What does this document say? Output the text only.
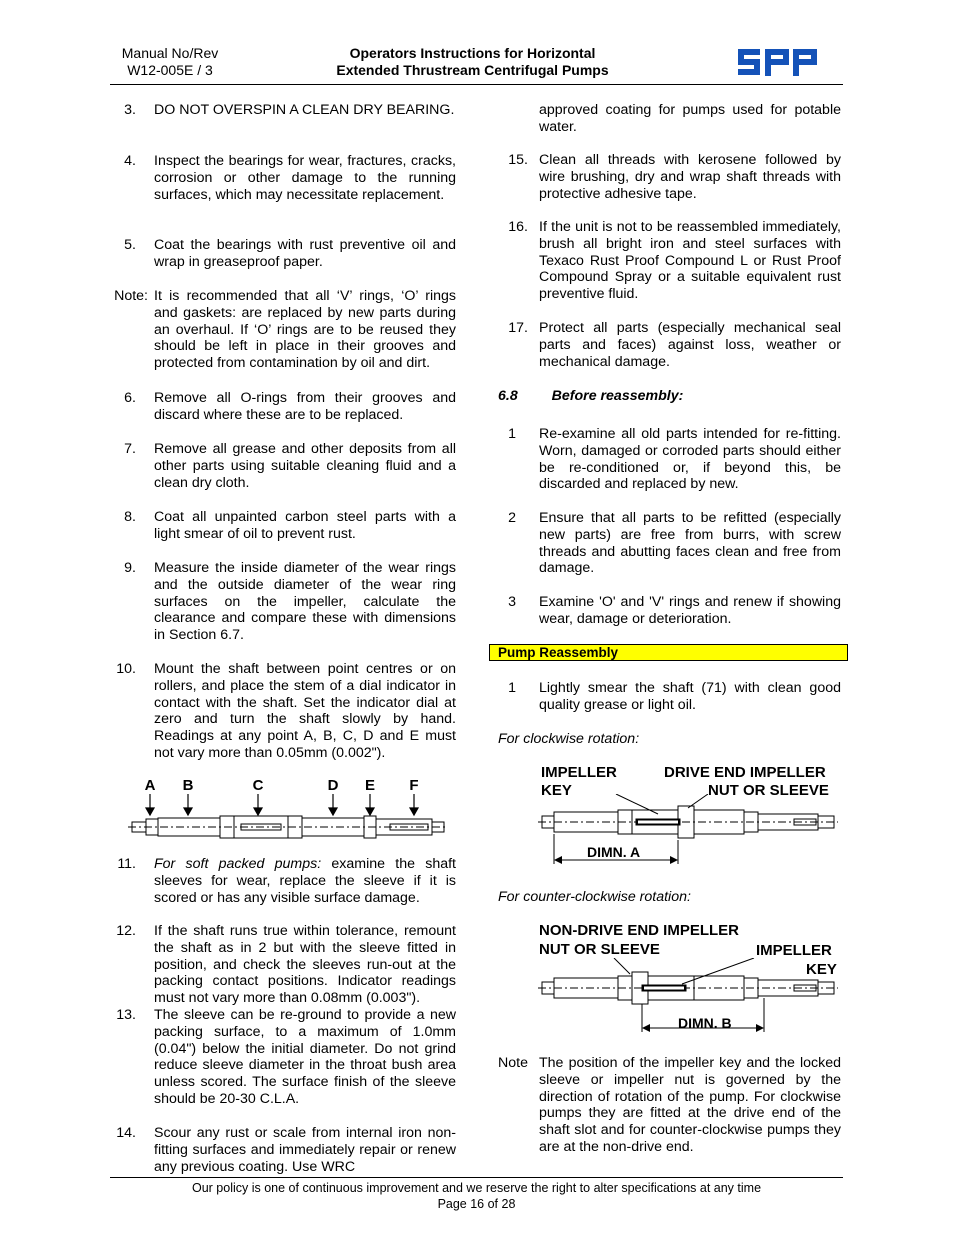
Manual No/Rev
W12-005E / 3
Operators Instructions for Horizontal
Extended Thrustream Centrifugal Pumps
3. DO NOT OVERSPIN A CLEAN DRY BEARING.
4. Inspect the bearings for wear, fractures, cracks, corrosion or other damage to the running surfaces, which may necessitate replacement.
5. Coat the bearings with rust preventive oil and wrap in greaseproof paper.
Note: It is recommended that all ‘V’ rings, ‘O’ rings and gaskets: are replaced by new parts during an overhaul. If ‘O’ rings are to be reused they should be left in place in their grooves and protected from contamination by oil and dirt.
6. Remove all O-rings from their grooves and discard where these are to be replaced.
7. Remove all grease and other deposits from all other parts using suitable cleaning fluid and a clean dry cloth.
8. Coat all unpainted carbon steel parts with a light smear of oil to prevent rust.
9. Measure the inside diameter of the wear rings and the outside diameter of the wear ring surfaces on the impeller, calculate the clearance and compare these with dimensions in Section 6.7.
10. Mount the shaft between point centres or on rollers, and place the stem of a dial indicator in contact with the shaft. Set the indicator dial at zero and turn the shaft slowly by hand. Readings at any point A, B, C, D and E must not vary more than 0.05mm (0.002").
A B	C	D E F
11. For soft packed pumps: examine the shaft sleeves for wear, replace the sleeve if it is scored or has any visible surface damage.
12. If the shaft runs true within tolerance, remount the shaft as in 2 but with the sleeve fitted in position, and check the sleeves run-out at the packing contact positions. Indicator readings must not vary more than 0.08mm (0.003").
13. The sleeve can be re-ground to provide a new packing surface, to a maximum of 1.0mm (0.04") below the initial diameter. Do not grind reduce sleeve diameter in the throat bush area unless scored. The surface finish of the sleeve should be 20-30 C.L.A.
14. Scour any rust or scale from internal iron non-fitting surfaces and immediately repair or renew any previous coating. Use WRC
approved coating for pumps used for potable water.
15. Clean all threads with kerosene followed by wire brushing, dry and wrap shaft threads with protective adhesive tape.
16. If the unit is not to be reassembled immediately, brush all bright iron and steel surfaces with Texaco Rust Proof Compound L or Rust Proof Compound Spray or a suitable equivalent rust preventive fluid.
17. Protect all parts (especially mechanical seal parts and faces) against loss, weather or mechanical damage.
6.8 Before reassembly:
1 Re-examine all old parts intended for re-fitting. Worn, damaged or corroded parts should either be re-conditioned or, if beyond this, be discarded and replaced by new.
2 Ensure that all parts to be refitted (especially new parts) are free from burrs, with screw threads and abutting faces clean and free from damage.
3 Examine 'O' and 'V' rings and renew if showing wear, damage or deterioration.
Pump Reassembly
1 Lightly smear the shaft (71) with clean good quality grease or light oil.
For clockwise rotation:
IMPELLER
KEY
DRIVE END IMPELLER
NUT OR SLEEVE
DIMN. A
For counter-clockwise rotation:
NON-DRIVE END IMPELLER
NUT OR SLEEVE	IMPELLER
KEY
DIMN. B
Note The position of the impeller key and the locked sleeve or impeller nut is governed by the direction of rotation of the pump. For clockwise pumps they are fitted at the drive end of the shaft slot and for counter-clockwise pumps they are at the non-drive end.
Our policy is one of continuous improvement and we reserve the right to alter specifications at any time
Page 16 of 28
